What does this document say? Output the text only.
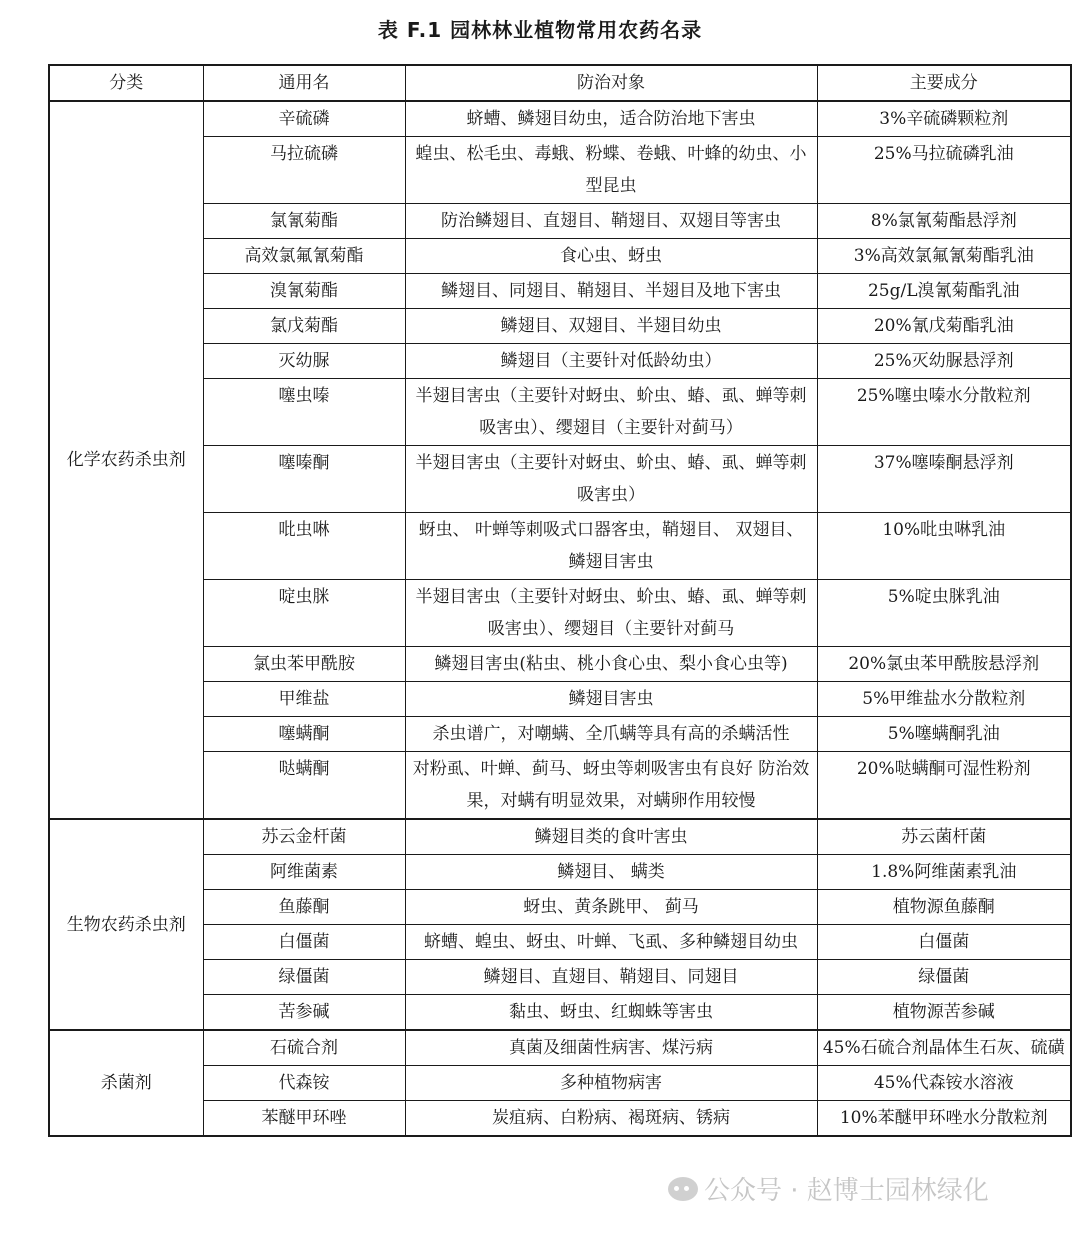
表 F.1 园林林业植物常用农药名录
分类	通用名	防治对象	主要成分
化学农药杀虫剂	辛硫磷	蛴螬、鳞翅目幼虫，适合防治地下害虫	3%辛硫磷颗粒剂
	马拉硫磷	蝗虫、松毛虫、毒蛾、粉蝶、卷蛾、叶蜂的幼虫、小型昆虫	25%马拉硫磷乳油
	氯氰菊酯	防治鳞翅目、直翅目、鞘翅目、双翅目等害虫	8%氯氰菊酯悬浮剂
	高效氯氟氰菊酯	食心虫、蚜虫	3%高效氯氟氰菊酯乳油
	溴氰菊酯	鳞翅目、同翅目、鞘翅目、半翅目及地下害虫	25g/L溴氰菊酯乳油
	氯戊菊酯	鳞翅目、双翅目、半翅目幼虫	20%氰戊菊酯乳油
	灭幼脲	鳞翅目（主要针对低龄幼虫）	25%灭幼脲悬浮剂
	噻虫嗪	半翅目害虫（主要针对蚜虫、蚧虫、蝽、虱、蝉等刺吸害虫）、缨翅目（主要针对蓟马）	25%噻虫嗪水分散粒剂
	噻嗪酮	半翅目害虫（主要针对蚜虫、蚧虫、蝽、虱、蝉等刺吸害虫）	37%噻嗪酮悬浮剂
	吡虫啉	蚜虫、 叶蝉等刺吸式口器客虫，鞘翅目、 双翅目、 鳞翅目害虫	10%吡虫啉乳油
	啶虫脒	半翅目害虫（主要针对蚜虫、蚧虫、蝽、虱、蝉等刺吸害虫）、缨翅目（主要针对蓟马	5%啶虫脒乳油
	氯虫苯甲酰胺	鳞翅目害虫(粘虫、桃小食心虫、梨小食心虫等)	20%氯虫苯甲酰胺悬浮剂
	甲维盐	鳞翅目害虫	5%甲维盐水分散粒剂
	噻螨酮	杀虫谱广，对嘲螨、全爪螨等具有高的杀螨活性	5%噻螨酮乳油
	哒螨酮	对粉虱、叶蝉、蓟马、蚜虫等刺吸害虫有良好 防治效果，对螨有明显效果，对螨卵作用较慢	20%哒螨酮可湿性粉剂
生物农药杀虫剂	苏云金杆菌	鳞翅目类的食叶害虫	苏云菌杆菌
	阿维菌素	鳞翅目、 螨类	1.8%阿维菌素乳油
	鱼藤酮	蚜虫、黄条跳甲、 蓟马	植物源鱼藤酮
	白僵菌	蛴螬、蝗虫、蚜虫、叶蝉、飞虱、多种鳞翅目幼虫	白僵菌
	绿僵菌	鳞翅目、直翅目、鞘翅目、同翅目	绿僵菌
	苦参碱	黏虫、蚜虫、红蜘蛛等害虫	植物源苦参碱
杀菌剂	石硫合剂	真菌及细菌性病害、煤污病	45%石硫合剂晶体生石灰、硫磺
	代森铵	多种植物病害	45%代森铵水溶液
	苯醚甲环唑	炭疽病、白粉病、褐斑病、锈病	10%苯醚甲环唑水分散粒剂
公众号 · 赵博士园林绿化
